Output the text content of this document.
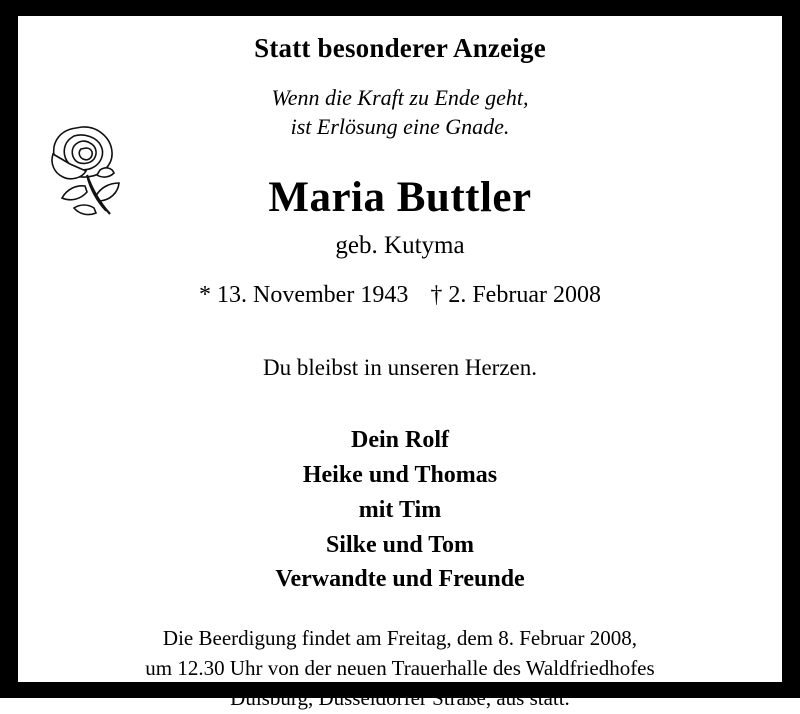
Statt besonderer Anzeige
Wenn die Kraft zu Ende geht,
ist Erlösung eine Gnade.
Maria Buttler
geb. Kutyma
* 13. November 1943 † 2. Februar 2008
Du bleibst in unseren Herzen.
Dein Rolf
Heike und Thomas
mit Tim
Silke und Tom
Verwandte und Freunde
Die Beerdigung findet am Freitag, dem 8. Februar 2008,
um 12.30 Uhr von der neuen Trauerhalle des Waldfriedhofes
Duisburg, Düsseldorfer Straße, aus statt.
